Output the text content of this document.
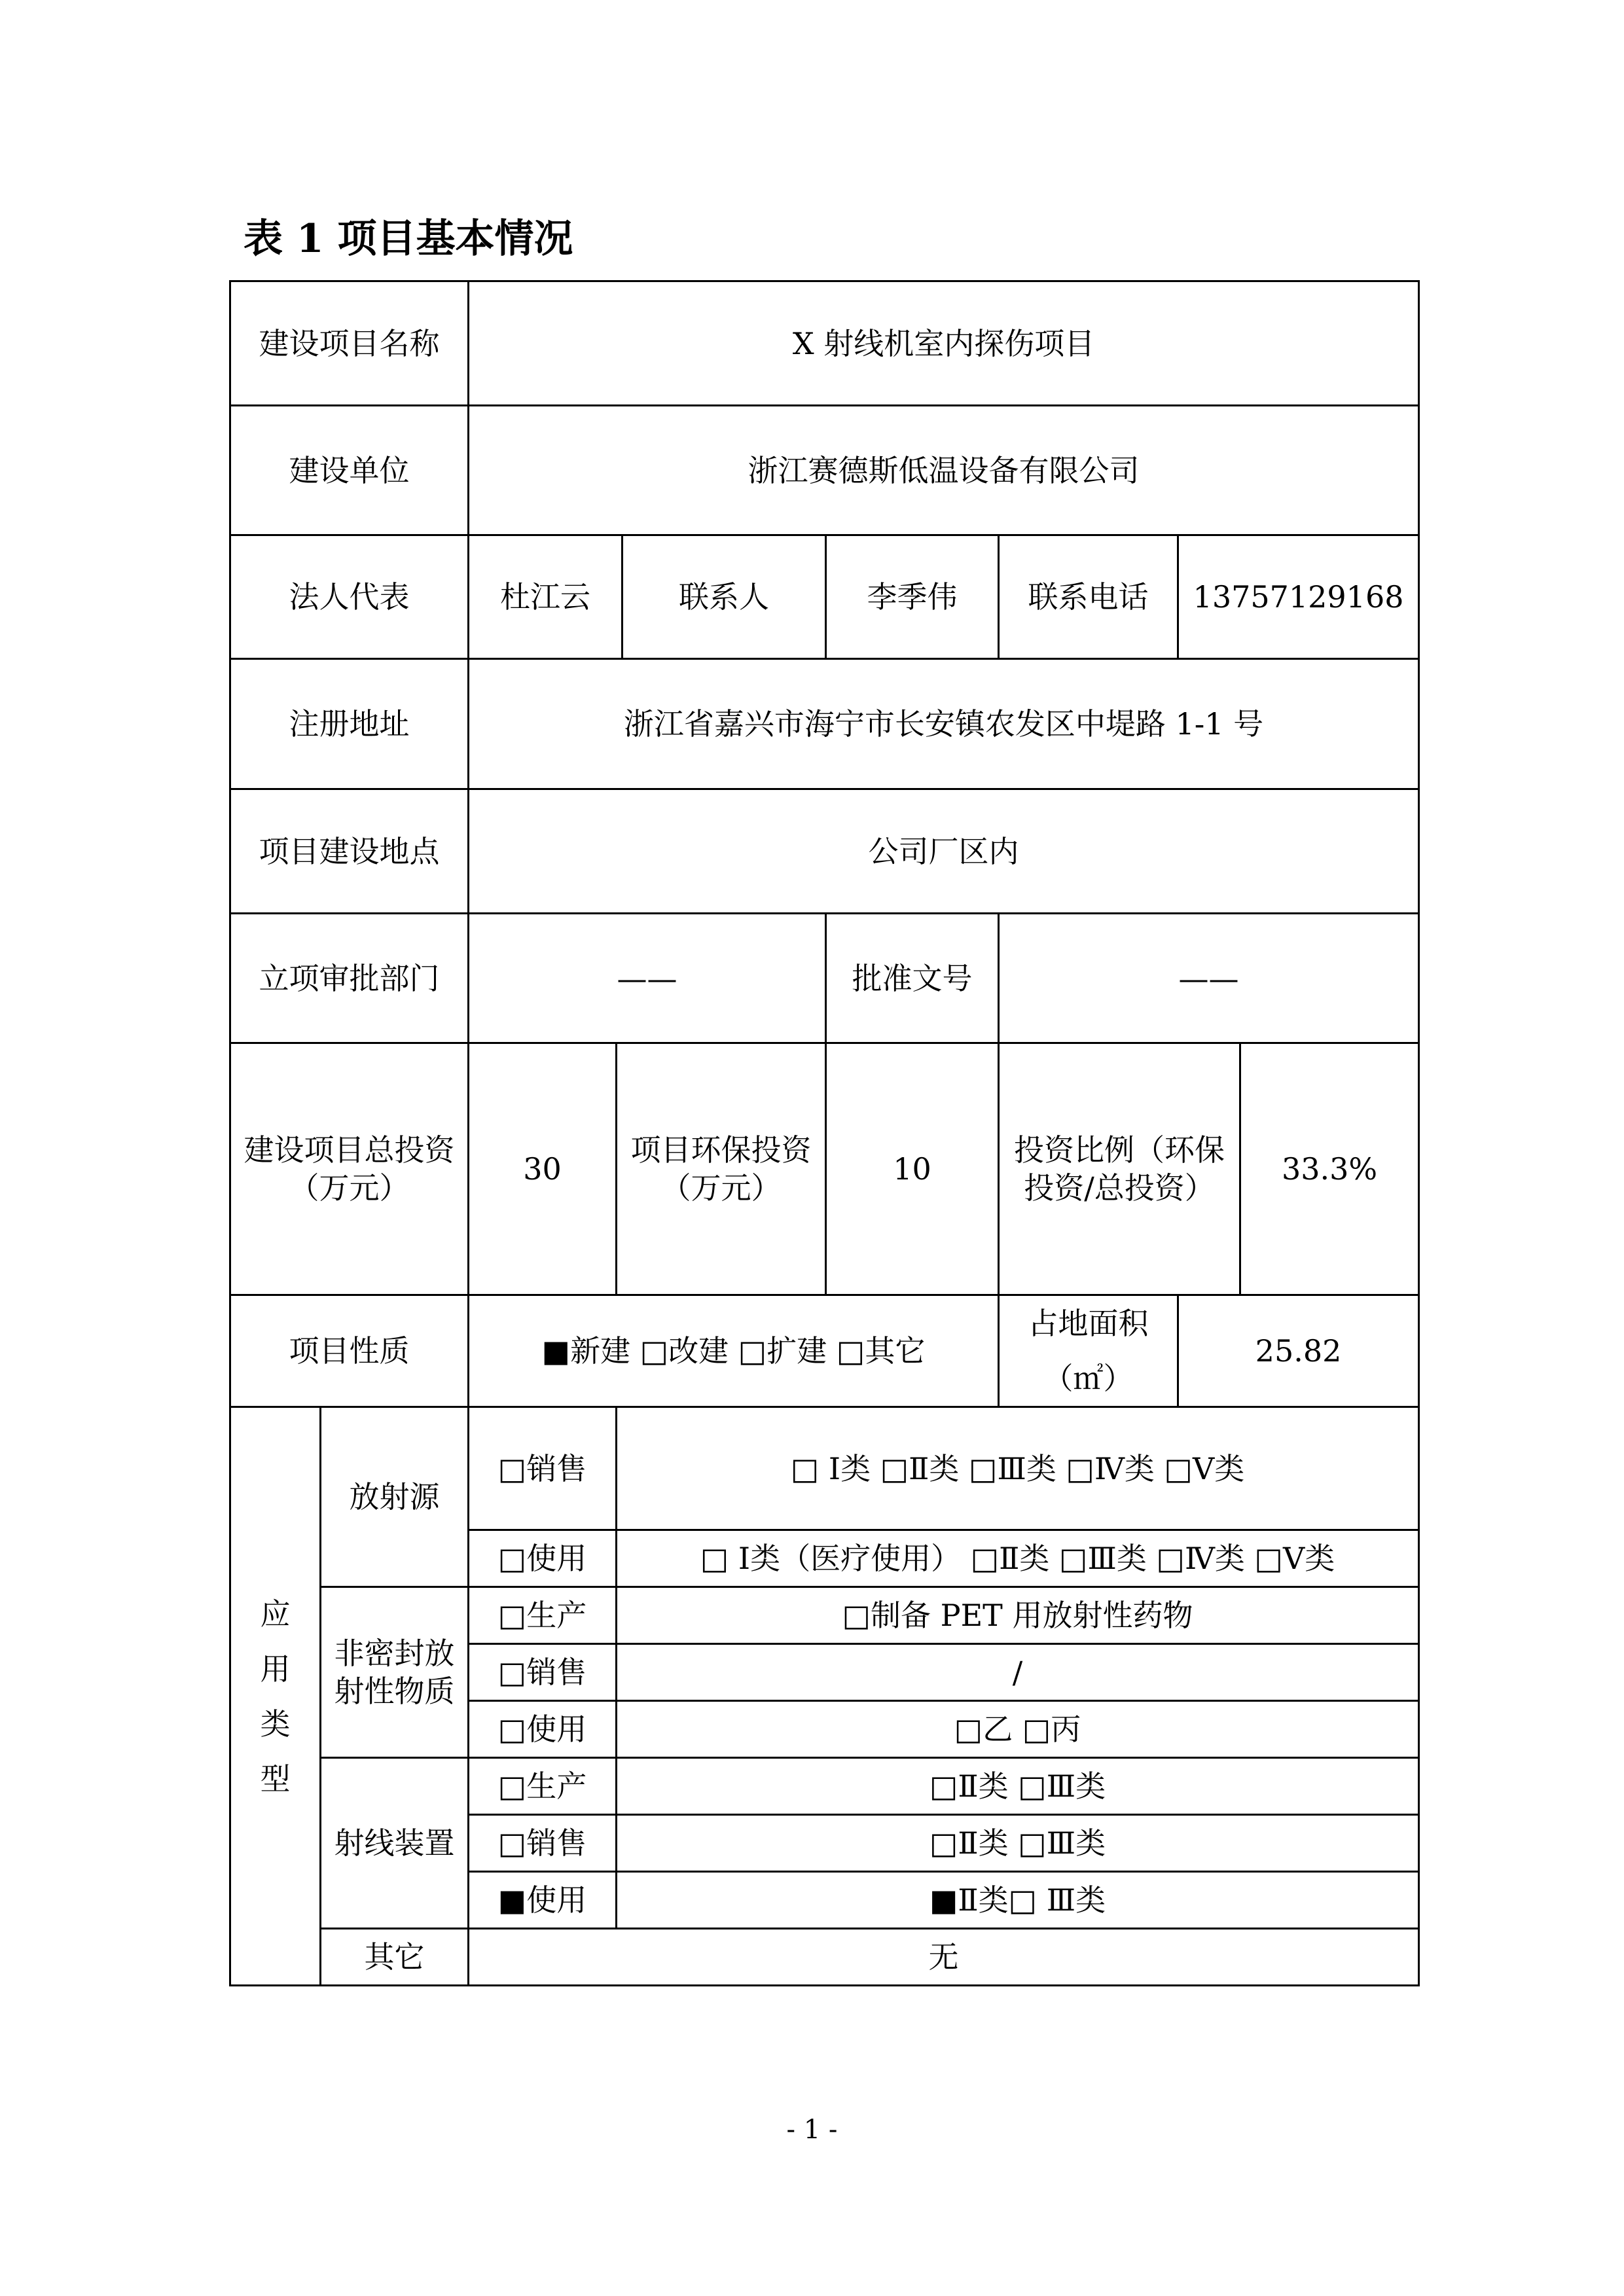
表 1 项目基本情况
建设项目名称		X 射线机室内探伤项目						
建设单位		浙江赛德斯低温设备有限公司						
法人代表		杜江云		联系人	李季伟	联系电话	13757129168	
注册地址		浙江省嘉兴市海宁市长安镇农发区中堤路 1-1 号						
项目建设地点		公司厂区内						
立项审批部门		——			批准文号	——		
建设项目总投资（万元）		30	项目环保投资（万元）		10	投资比例（环保投资/总投资）		33.3%
项目性质		■新建 □改建 □扩建 □其它				占地面积（㎡）	25.82	

应用类型	放射源	□销售	□ Ⅰ类 □Ⅱ类 □Ⅲ类 □Ⅳ类 □Ⅴ类					
		□使用	□ Ⅰ类（医疗使用） □Ⅱ类 □Ⅲ类 □Ⅳ类 □Ⅴ类					
	非密封放射性物质	□生产	□制备 PET 用放射性药物					
		□销售	/					
		□使用	□乙 □丙					
	射线装置	□生产	□Ⅱ类 □Ⅲ类					
		□销售	□Ⅱ类 □Ⅲ类					
		■使用	■Ⅱ类□ Ⅲ类					
	其它	无						
- 1 -
